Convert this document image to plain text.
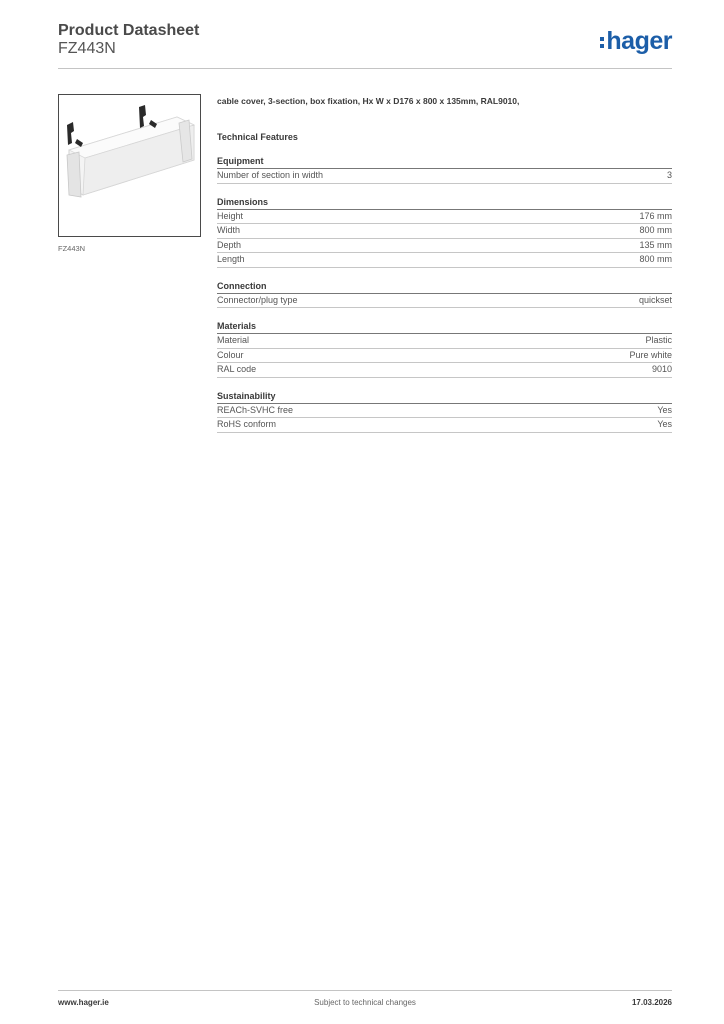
Product Datasheet
FZ443N	hager
FZ443N
cable cover, 3-section, box fixation, Hx W x D176 x 800 x 135mm, RAL9010,
Technical Features
Equipment
Number of section in width	3
Dimensions
Height	176 mm
Width	800 mm
Depth	135 mm
Length	800 mm
Connection
Connector/plug type	quickset
Materials
Material	Plastic
Colour	Pure white
RAL code	9010
Sustainability
REACh-SVHC free	Yes
RoHS conform	Yes
Subject to technical changes
www.hager.ie	17.03.2026
